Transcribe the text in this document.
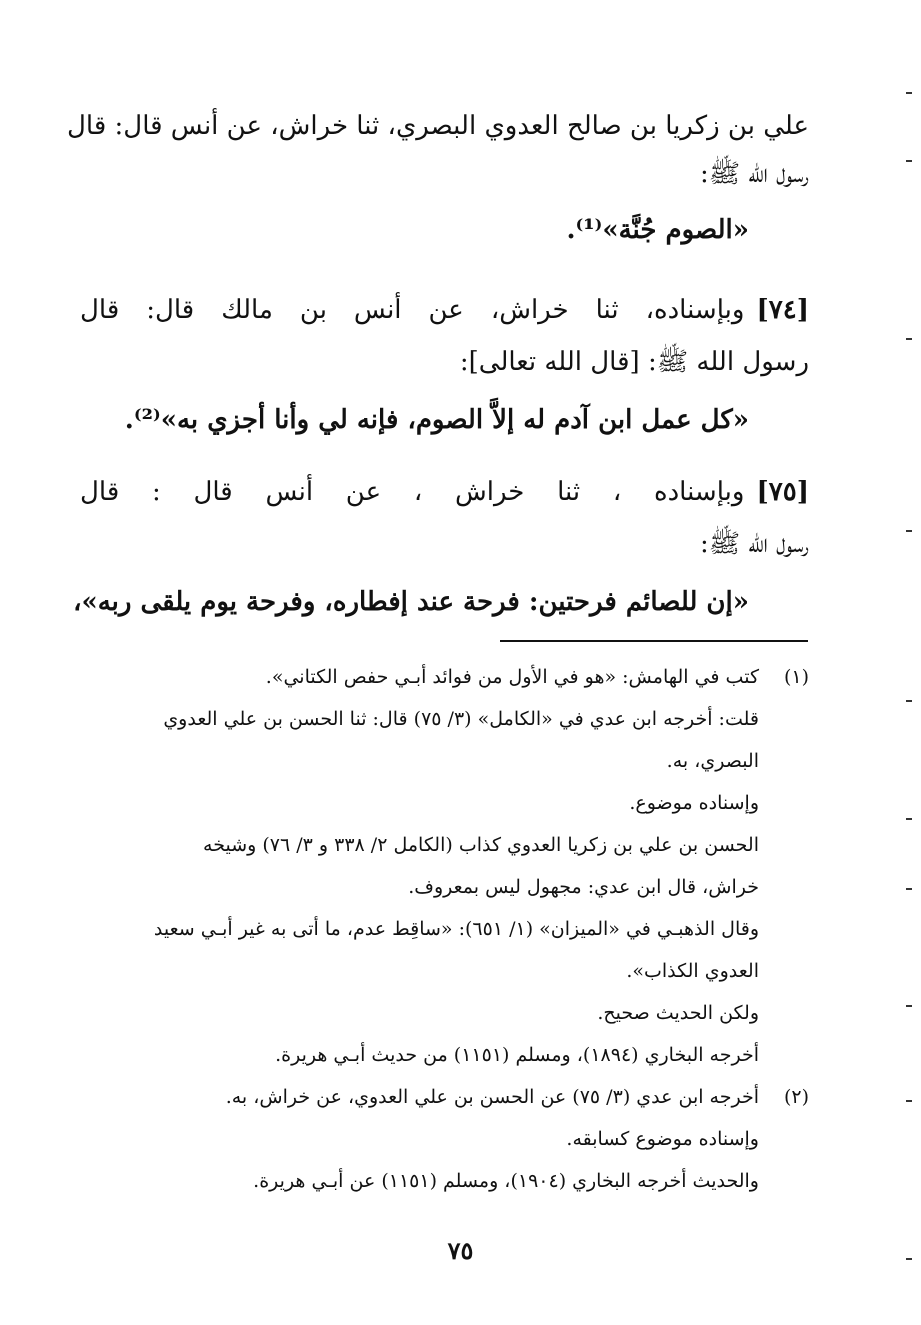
علي بن زكريا بن صالح العدوي البصري، ثنا خراش، عن أنس قال: قال
رسول الله ﷺ:
«الصوم جُنَّة»⁽¹⁾.
[٧٤]
وبإسناده، ثنا خراش، عن أنس بن مالك قال: قال
رسول الله ﷺ: [قال الله تعالى]:
«كل عمل ابن آدم له إلاَّ الصوم، فإنه لي وأنا أجزي به»⁽²⁾.
[٧٥]
وبإسناده ، ثنا خراش ، عن أنس قال : قال
رسول الله ﷺ:
«إن للصائم فرحتين: فرحة عند إفطاره، وفرحة يوم يلقى ربه»،
(١)
كتب في الهامش: «هو في الأول من فوائد أبـي حفص الكتاني».
قلت: أخرجه ابن عدي في «الكامل» (٣/ ٧٥) قال: ثنا الحسن بن علي العدوي
البصري، به.
وإسناده موضوع.
الحسن بن علي بن زكريا العدوي كذاب (الكامل ٢/ ٣٣٨ و ٣/ ٧٦) وشيخه
خراش، قال ابن عدي: مجهول ليس بمعروف.
وقال الذهبـي في «الميزان» (١/ ٦٥١): «ساقِط عدم، ما أتى به غير أبـي سعيد
العدوي الكذاب».
ولكن الحديث صحيح.
أخرجه البخاري (١٨٩٤)، ومسلم (١١٥١) من حديث أبـي هريرة.
(٢)
أخرجه ابن عدي (٣/ ٧٥) عن الحسن بن علي العدوي، عن خراش، به.
وإسناده موضوع كسابقه.
والحديث أخرجه البخاري (١٩٠٤)، ومسلم (١١٥١) عن أبـي هريرة.
٧٥
